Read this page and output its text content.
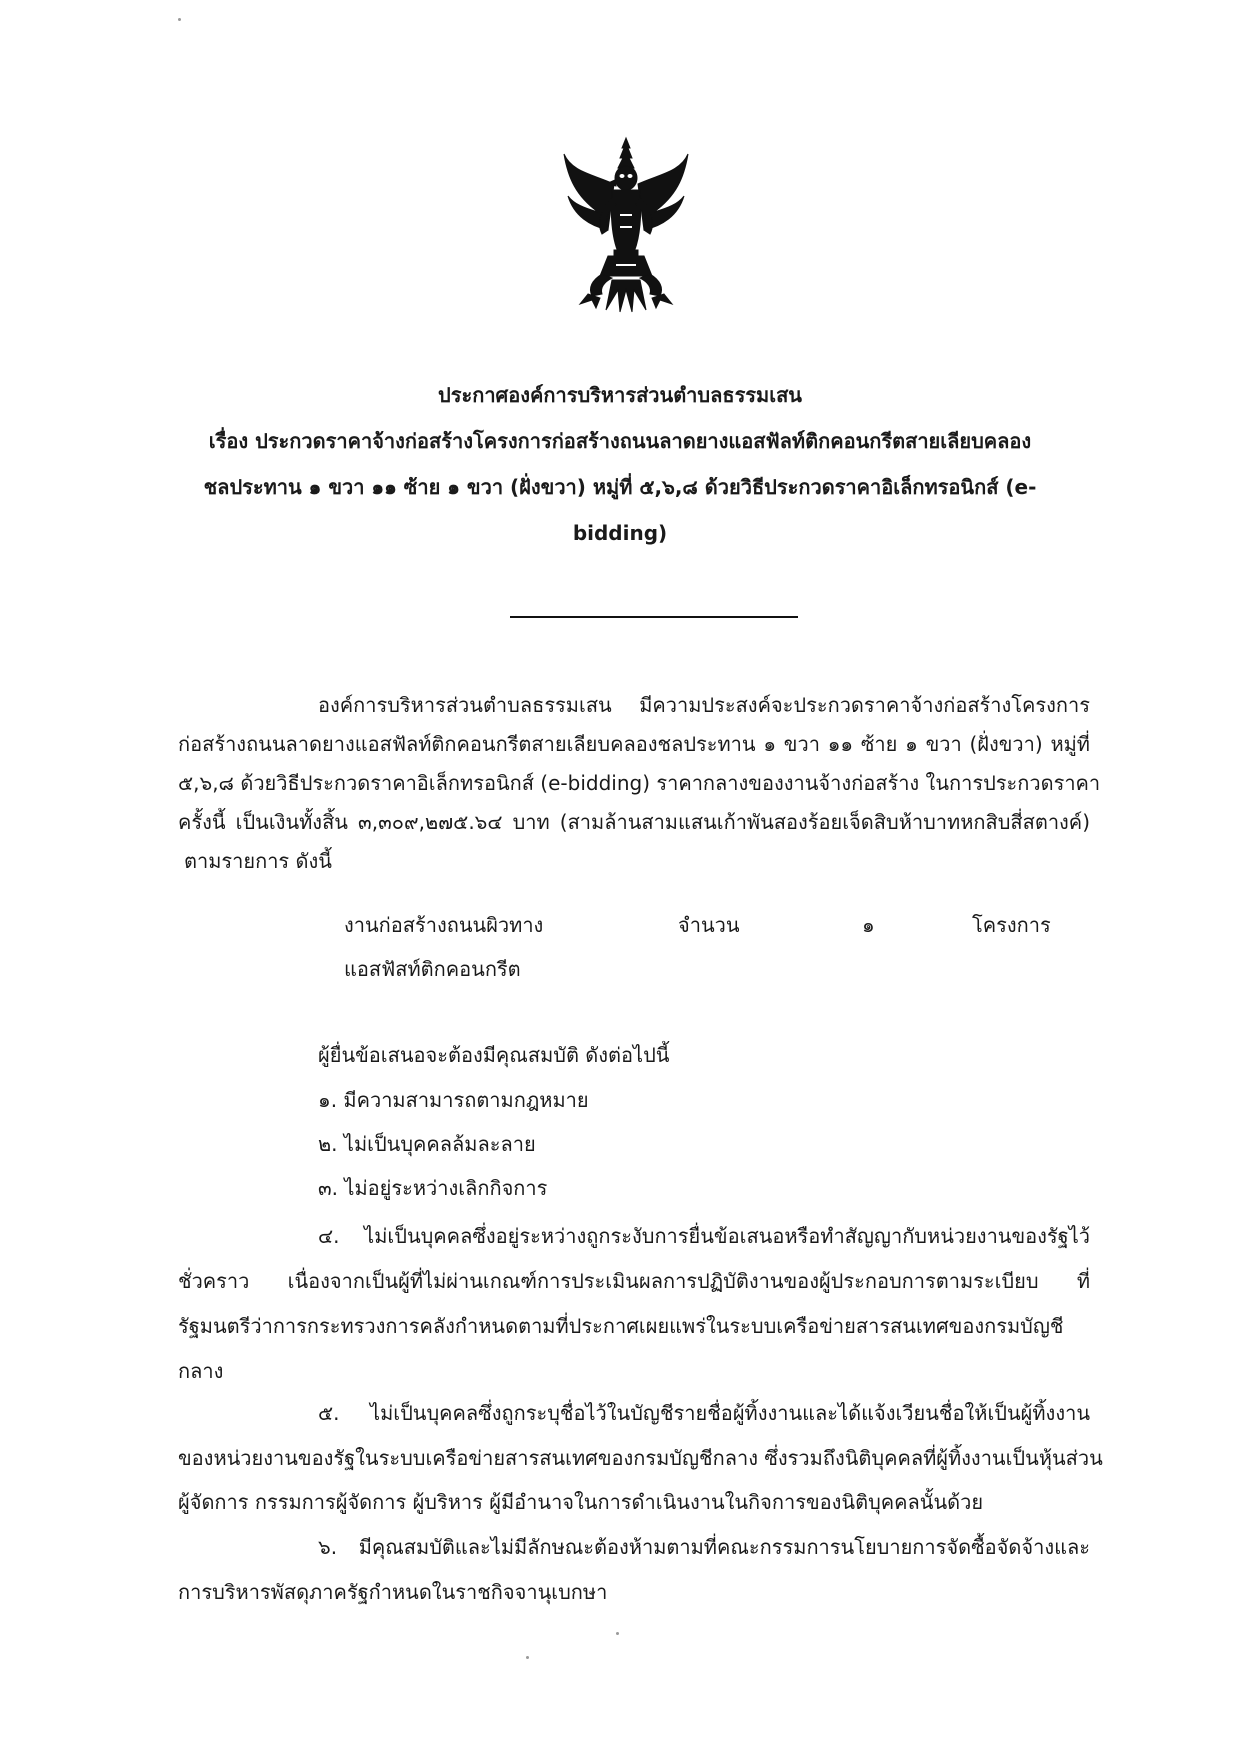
ประกาศองค์การบริหารส่วนตำบลธรรมเสน
เรื่อง ประกวดราคาจ้างก่อสร้างโครงการก่อสร้างถนนลาดยางแอสฟัลท์ติกคอนกรีตสายเลียบคลอง
ชลประทาน ๑ ขวา ๑๑ ซ้าย ๑ ขวา (ฝั่งขวา) หมู่ที่ ๕,๖,๘ ด้วยวิธีประกวดราคาอิเล็กทรอนิกส์ (e-
bidding)
องค์การบริหารส่วนตำบลธรรมเสน มีความประสงค์จะประกวดราคาจ้างก่อสร้างโครงการ
ก่อสร้างถนนลาดยางแอสฟัลท์ติกคอนกรีตสายเลียบคลองชลประทาน ๑ ขวา ๑๑ ซ้าย ๑ ขวา (ฝั่งขวา) หมู่ที่
๕,๖,๘ ด้วยวิธีประกวดราคาอิเล็กทรอนิกส์ (e-bidding) ราคากลางของงานจ้างก่อสร้าง ในการประกวดราคา
ครั้งนี้ เป็นเงินทั้งสิ้น ๓,๓๐๙,๒๗๕.๖๔ บาท (สามล้านสามแสนเก้าพันสองร้อยเจ็ดสิบห้าบาทหกสิบสี่สตางค์)
ตามรายการ ดังนี้
งานก่อสร้างถนนผิวทาง
แอสฟัสท์ติกคอนกรีต
จำนวน	๑	โครงการ
ผู้ยื่นข้อเสนอจะต้องมีคุณสมบัติ ดังต่อไปนี้
๑. มีความสามารถตามกฎหมาย
๒. ไม่เป็นบุคคลล้มละลาย
๓. ไม่อยู่ระหว่างเลิกกิจการ
๔. ไม่เป็นบุคคลซึ่งอยู่ระหว่างถูกระงับการยื่นข้อเสนอหรือทำสัญญากับหน่วยงานของรัฐไว้
ชั่วคราว เนื่องจากเป็นผู้ที่ไม่ผ่านเกณฑ์การประเมินผลการปฏิบัติงานของผู้ประกอบการตามระเบียบ ที่
รัฐมนตรีว่าการกระทรวงการคลังกำหนดตามที่ประกาศเผยแพร่ในระบบเครือข่ายสารสนเทศของกรมบัญชี
กลาง
๕. ไม่เป็นบุคคลซึ่งถูกระบุชื่อไว้ในบัญชีรายชื่อผู้ทิ้งงานและได้แจ้งเวียนชื่อให้เป็นผู้ทิ้งงาน
ของหน่วยงานของรัฐในระบบเครือข่ายสารสนเทศของกรมบัญชีกลาง ซึ่งรวมถึงนิติบุคคลที่ผู้ทิ้งงานเป็นหุ้นส่วน
ผู้จัดการ กรรมการผู้จัดการ ผู้บริหาร ผู้มีอำนาจในการดำเนินงานในกิจการของนิติบุคคลนั้นด้วย
๖. มีคุณสมบัติและไม่มีลักษณะต้องห้ามตามที่คณะกรรมการนโยบายการจัดซื้อจัดจ้างและ
การบริหารพัสดุภาครัฐกำหนดในราชกิจจานุเบกษา
